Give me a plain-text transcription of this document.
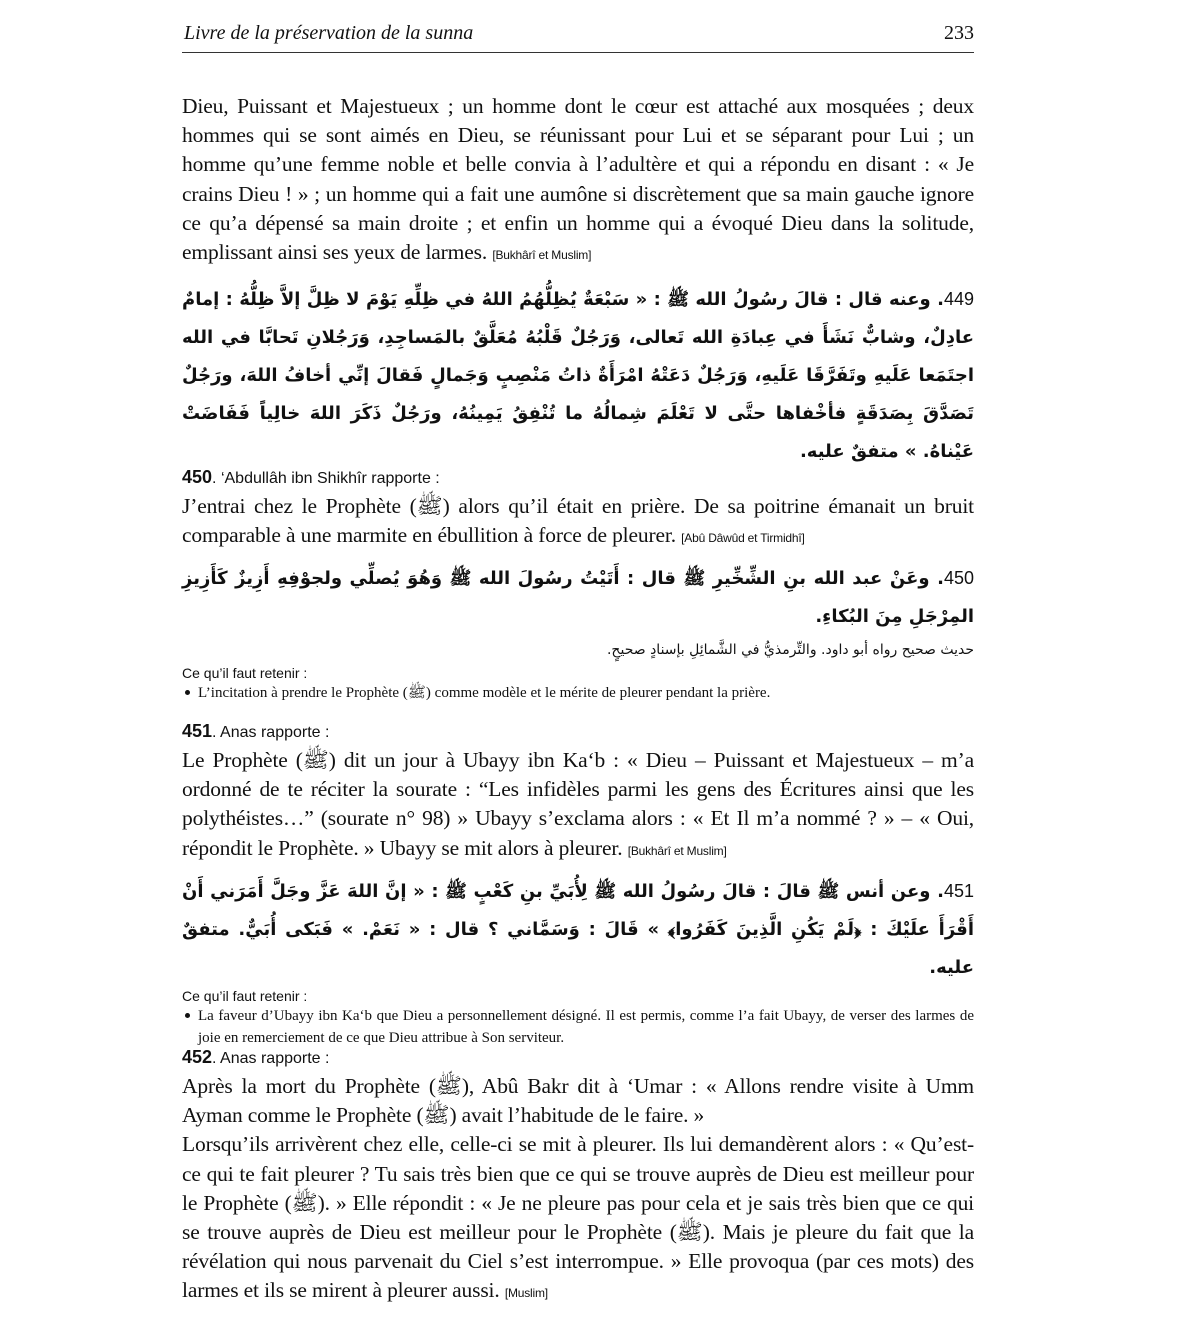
Livre de la préservation de la sunna	233

Dieu, Puissant et Majestueux ; un homme dont le cœur est attaché aux mosquées ; deux hommes qui se sont aimés en Dieu, se réunissant pour Lui et se séparant pour Lui ; un homme qu’une femme noble et belle convia à l’adultère et qui a répondu en disant : « Je crains Dieu ! » ; un homme qui a fait une aumône si discrètement que sa main gauche ignore ce qu’a dépensé sa main droite ; et enfin un homme qui a évoqué Dieu dans la solitude, emplissant ainsi ses yeux de larmes. [Bukhârî et Muslim]

449. وعنه قال : قالَ رسُولُ الله ﷺ : « سَبْعَةٌ يُظِلُّهُمُ اللهُ في ظِلِّهِ يَوْمَ لا ظِلَّ إلاَّ ظِلُّهُ : إمامٌ عادِلٌ، وشابٌّ نَشَأَ في عِبادَةِ الله تَعالى، وَرَجُلٌ قَلْبُهُ مُعَلَّقٌ بالمَساجِدِ، وَرَجُلانِ تَحابَّا في الله اجتَمَعا عَلَيهِ وتَفَرَّقَا عَلَيهِ، وَرَجُلٌ دَعَتْهُ امْرَأَةٌ ذاتُ مَنْصِبٍ وَجَمالٍ فَقالَ إنِّي أخافُ اللهَ، ورَجُلٌ تَصَدَّقَ بِصَدَقَةٍ فأخْفاها حتَّى لا تَعْلَمَ شِمالُهُ ما تُنْفِقُ يَمِينُهُ، ورَجُلٌ ذَكَرَ اللهَ خالِياً فَفَاضَتْ عَيْناهُ. » متفقٌ عليه.

450. ‘Abdullâh ibn Shikhîr rapporte :

J’entrai chez le Prophète (ﷺ) alors qu’il était en prière. De sa poitrine émanait un bruit comparable à une marmite en ébullition à force de pleurer. [Abû Dâwûd et Tirmidhî]

450. وعَنْ عبد الله بنِ الشِّخِّيرِ ﷺ قال : أَتَيْتُ رسُولَ الله ﷺ وَهُوَ يُصلِّي ولجوْفِهِ أَزِيزٌ كَأَزِيزِ المِرْجَلِ مِنَ البُكاءِ.

حديث صحيح رواه أبو داود. والتِّرمذيُّ في الشَّمائِلِ بإسنادٍ صحيحٍ.

Ce qu’il faut retenir :
L’incitation à prendre le Prophète (ﷺ) comme modèle et le mérite de pleurer pendant la prière.
451. Anas rapporte :

Le Prophète (ﷺ) dit un jour à Ubayy ibn Ka‘b : « Dieu – Puissant et Majestueux – m’a ordonné de te réciter la sourate : “Les infidèles parmi les gens des Écritures ainsi que les polythéistes…” (sourate n° 98) » Ubayy s’exclama alors : « Et Il m’a nommé ? » – « Oui, répondit le Prophète. » Ubayy se mit alors à pleurer. [Bukhârî et Muslim]

451. وعن أنس ﷺ قالَ : قالَ رسُولُ الله ﷺ لِأُبَيِّ بنِ كَعْبٍ ﷺ : « إنَّ اللهَ عَزَّ وجَلَّ أَمَرَني أَنْ أَقْرَأَ علَيْكَ : ﴿لَمْ يَكُنِ الَّذِينَ كَفَرُوا﴾ » قَالَ : وَسَمَّاني ؟ قال : « نَعَمْ. » فَبَكى أُبَيٌّ. متفقٌ عليه.

Ce qu’il faut retenir :
La faveur d’Ubayy ibn Ka‘b que Dieu a personnellement désigné. Il est permis, comme l’a fait Ubayy, de verser des larmes de joie en remerciement de ce que Dieu attribue à Son serviteur.
452. Anas rapporte :

Après la mort du Prophète (ﷺ), Abû Bakr dit à ‘Umar : « Allons rendre visite à Umm Ayman comme le Prophète (ﷺ) avait l’habitude de le faire. »

Lorsqu’ils arrivèrent chez elle, celle-ci se mit à pleurer. Ils lui demandèrent alors : « Qu’est-ce qui te fait pleurer ? Tu sais très bien que ce qui se trouve auprès de Dieu est meilleur pour le Prophète (ﷺ). » Elle répondit : « Je ne pleure pas pour cela et je sais très bien que ce qui se trouve auprès de Dieu est meilleur pour le Prophète (ﷺ). Mais je pleure du fait que la révélation qui nous parvenait du Ciel s’est interrompue. » Elle provoqua (par ces mots) des larmes et ils se mirent à pleurer aussi. [Muslim]
